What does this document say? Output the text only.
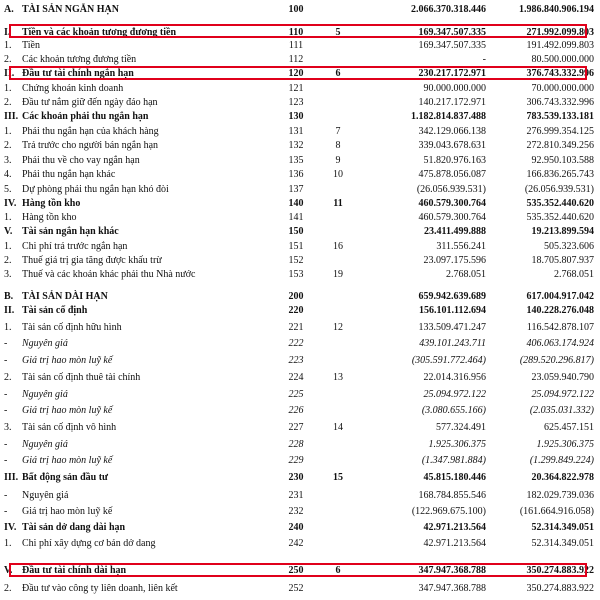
A. TÀI SẢN NGẮN HẠN	100	2.066.370.318.446	1.986.840.906.194
I.	Tiền và các khoản tương đương tiền	110	5	169.347.507.335	271.992.099.803
1.	Tiền	111	169.347.507.335	191.492.099.803
2.	Các khoản tương đương tiền	112	-	80.500.000.000
II. Đầu tư tài chính ngắn hạn	120	6	230.217.172.971	376.743.332.996
1.	Chứng khoán kinh doanh	121	90.000.000.000	70.000.000.000
2.	Đầu tư nắm giữ đến ngày đáo hạn	123	140.217.172.971	306.743.332.996
III. Các khoản phải thu ngắn hạn	130	1.182.814.837.488	783.539.133.181
1.	Phải thu ngắn hạn của khách hàng	131	7	342.129.066.138	276.999.354.125
2.	Trả trước cho người bán ngắn hạn	132	8	339.043.678.631	272.810.349.256
3.	Phải thu về cho vay ngắn hạn	135	9	51.820.976.163	92.950.103.588
4.	Phải thu ngắn hạn khác	136	10	475.878.056.087	166.836.265.743
5.	Dự phòng phải thu ngắn hạn khó đòi	137	(26.056.939.531)	(26.056.939.531)
IV. Hàng tồn kho	140	11	460.579.300.764	535.352.440.620
1.	Hàng tồn kho	141	460.579.300.764	535.352.440.620
V. Tài sản ngắn hạn khác	150	23.411.499.888	19.213.899.594
1.	Chi phí trả trước ngắn hạn	151	16	311.556.241	505.323.606
2.	Thuế giá trị gia tăng được khấu trừ	152	23.097.175.596	18.705.807.937
3.	Thuế và các khoản khác phải thu Nhà nước	153	19	2.768.051	2.768.051
B. TÀI SẢN DÀI HẠN	200	659.942.639.689	617.004.917.042
II. Tài sản cố định	220	156.101.112.694	140.228.276.048
1.	Tài sản cố định hữu hình	221	12	133.509.471.247	116.542.878.107
-	Nguyên giá	222	439.101.243.711	406.063.174.924
-	Giá trị hao mòn luỹ kế	223	(305.591.772.464)	(289.520.296.817)
2.	Tài sản cố định thuê tài chính	224	13	22.014.316.956	23.059.940.790
-	Nguyên giá	225	25.094.972.122	25.094.972.122
-	Giá trị hao mòn luỹ kế	226	(3.080.655.166)	(2.035.031.332)
3.	Tài sản cố định vô hình	227	14	577.324.491	625.457.151
-	Nguyên giá	228	1.925.306.375	1.925.306.375
-	Giá trị hao mòn luỹ kế	229	(1.347.981.884)	(1.299.849.224)
III. Bất động sản đầu tư	230	15	45.815.180.446	20.364.822.978
-	Nguyên giá	231	168.784.855.546	182.029.739.036
-	Giá trị hao mòn luỹ kế	232	(122.969.675.100)	(161.664.916.058)
IV. Tài sản dở dang dài hạn	240	42.971.213.564	52.314.349.051
1.	Chi phí xây dựng cơ bản dở dang	242	42.971.213.564	52.314.349.051
V. Đầu tư tài chính dài hạn	250	6	347.947.368.788	350.274.883.922
2.	Đầu tư vào công ty liên doanh, liên kết	252	347.947.368.788	350.274.883.922
